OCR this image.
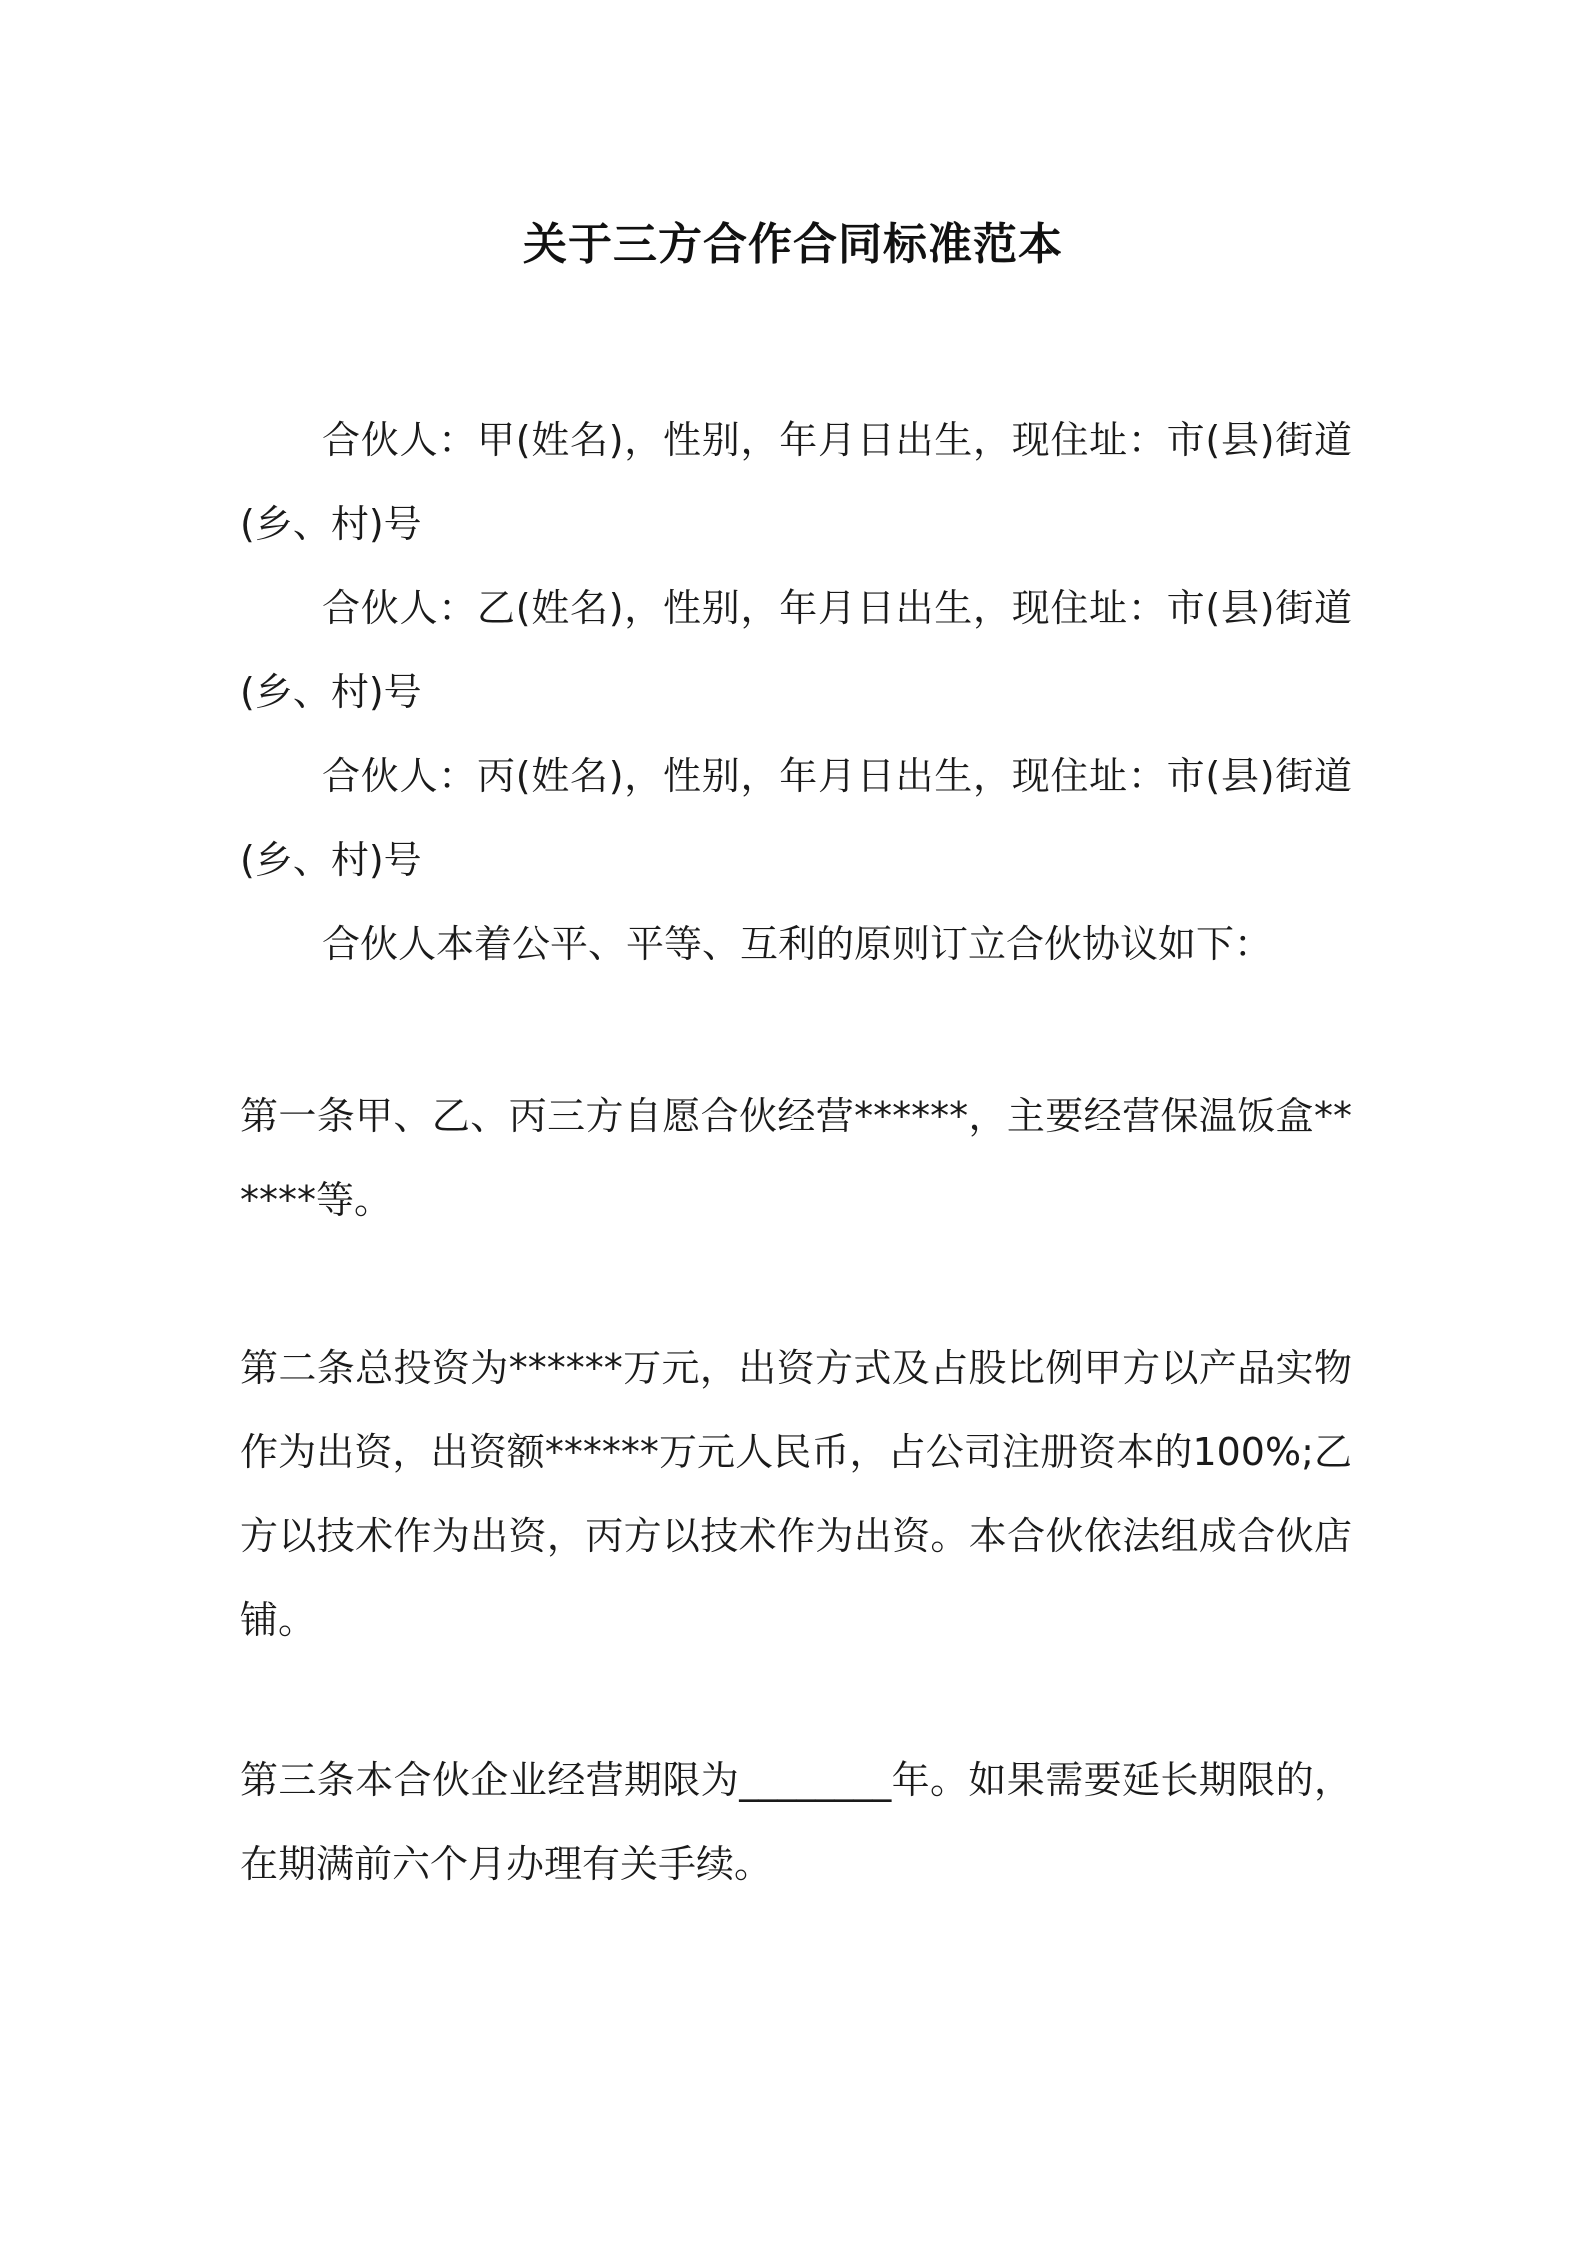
关于三方合作合同标准范本

合伙人：甲(姓名)，性别，年月日出生，现住址：市(县)街道(乡、村)号

合伙人：乙(姓名)，性别，年月日出生，现住址：市(县)街道(乡、村)号

合伙人：丙(姓名)，性别，年月日出生，现住址：市(县)街道(乡、村)号

合伙人本着公平、平等、互利的原则订立合伙协议如下：

第一条甲、乙、丙三方自愿合伙经营******，主要经营保温饭盒******等。

第二条总投资为******万元，出资方式及占股比例甲方以产品实物作为出资，出资额******万元人民币，占公司注册资本的100%;乙方以技术作为出资，丙方以技术作为出资。本合伙依法组成合伙店铺。

第三条本合伙企业经营期限为________年。如果需要延长期限的，在期满前六个月办理有关手续。
